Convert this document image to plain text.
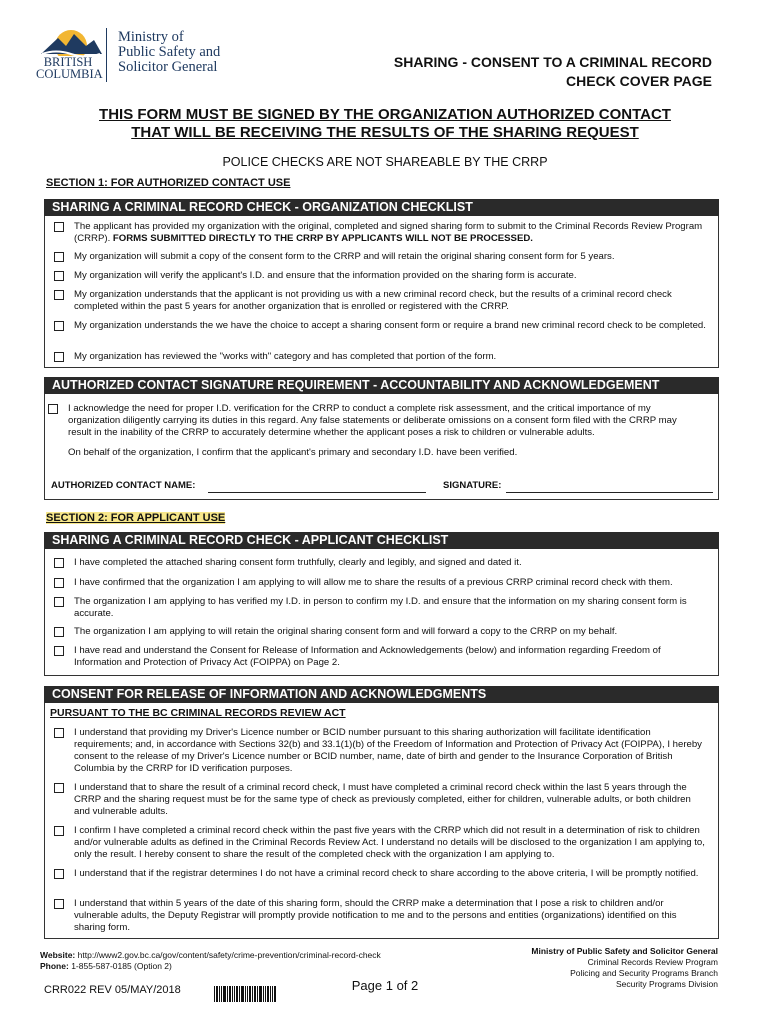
BRITISH
COLUMBIA
Ministry of
Public Safety and
Solicitor General	SHARING - CONSENT TO A CRIMINAL RECORD
CHECK COVER PAGE
THIS FORM MUST BE SIGNED BY THE ORGANIZATION AUTHORIZED CONTACT
THAT WILL BE RECEIVING THE RESULTS OF THE SHARING REQUEST
POLICE CHECKS ARE NOT SHAREABLE BY THE CRRP
SECTION 1: FOR AUTHORIZED CONTACT USE
SHARING A CRIMINAL RECORD CHECK - ORGANIZATION CHECKLIST
The applicant has provided my organization with the original, completed and signed sharing form to submit to the Criminal Records Review Program (CRRP). FORMS SUBMITTED DIRECTLY TO THE CRRP BY APPLICANTS WILL NOT BE PROCESSED.
My organization will submit a copy of the consent form to the CRRP and will retain the original sharing consent form for 5 years.
My organization will verify the applicant's I.D. and ensure that the information provided on the sharing form is accurate.
My organization understands that the applicant is not providing us with a new criminal record check, but the results of a criminal record check completed within the past 5 years for another organization that is enrolled or registered with the CRRP.
My organization understands the we have the choice to accept a sharing consent form or require a brand new criminal record check to be completed.
My organization has reviewed the "works with" category and has completed that portion of the form.
AUTHORIZED CONTACT SIGNATURE REQUIREMENT - ACCOUNTABILITY AND ACKNOWLEDGEMENT
I acknowledge the need for proper I.D. verification for the CRRP to conduct a complete risk assessment, and the critical importance of my organization diligently carrying its duties in this regard. Any false statements or deliberate omissions on a consent form filed with the CRRP may result in the inability of the CRRP to accurately determine whether the applicant poses a risk to children or vulnerable adults.
On behalf of the organization, I confirm that the applicant's primary and secondary I.D. have been verified.
AUTHORIZED CONTACT NAME:	SIGNATURE:
SECTION 2: FOR APPLICANT USE
SHARING A CRIMINAL RECORD CHECK - APPLICANT CHECKLIST
I have completed the attached sharing consent form truthfully, clearly and legibly, and signed and dated it.
I have confirmed that the organization I am applying to will allow me to share the results of a previous CRRP criminal record check with them.
The organization I am applying to has verified my I.D. in person to confirm my I.D. and ensure that the information on my sharing consent form is accurate.
The organization I am applying to will retain the original sharing consent form and will forward a copy to the CRRP on my behalf.
I have read and understand the Consent for Release of Information and Acknowledgements (below) and information regarding Freedom of Information and Protection of Privacy Act (FOIPPA) on Page 2.
CONSENT FOR RELEASE OF INFORMATION AND ACKNOWLEDGMENTS
PURSUANT TO THE BC CRIMINAL RECORDS REVIEW ACT
I understand that providing my Driver's Licence number or BCID number pursuant to this sharing authorization will facilitate identification requirements; and, in accordance with Sections 32(b) and 33.1(1)(b) of the Freedom of Information and Protection of Privacy Act (FOIPPA), I hereby consent to the release of my Driver's Licence number or BCID number, name, date of birth and gender to the Insurance Corporation of British Columbia by the CRRP for ID verification purposes.
I understand that to share the result of a criminal record check, I must have completed a criminal record check within the last 5 years through the CRRP and the sharing request must be for the same type of check as previously completed, either for children, vulnerable adults, or both children and vulnerable adults.
I confirm I have completed a criminal record check within the past five years with the CRRP which did not result in a determination of risk to children and/or vulnerable adults as defined in the Criminal Records Review Act. I understand no details will be disclosed to the organization I am applying to, only the result. I hereby consent to share the result of the completed check with the organization I am applying to.
I understand that if the registrar determines I do not have a criminal record check to share according to the above criteria, I will be promptly notified.
I understand that within 5 years of the date of this sharing form, should the CRRP make a determination that I pose a risk to children and/or vulnerable adults, the Deputy Registrar will promptly provide notification to me and to the persons and entities (organizations) identified on this sharing form.
Website: http://www2.gov.bc.ca/gov/content/safety/crime-prevention/criminal-record-check
Phone: 1-855-587-0185 (Option 2)
Ministry of Public Safety and Solicitor General
Criminal Records Review Program
Policing and Security Programs Branch
Security Programs Division
CRR022 REV 05/MAY/2018	Page 1 of 2
